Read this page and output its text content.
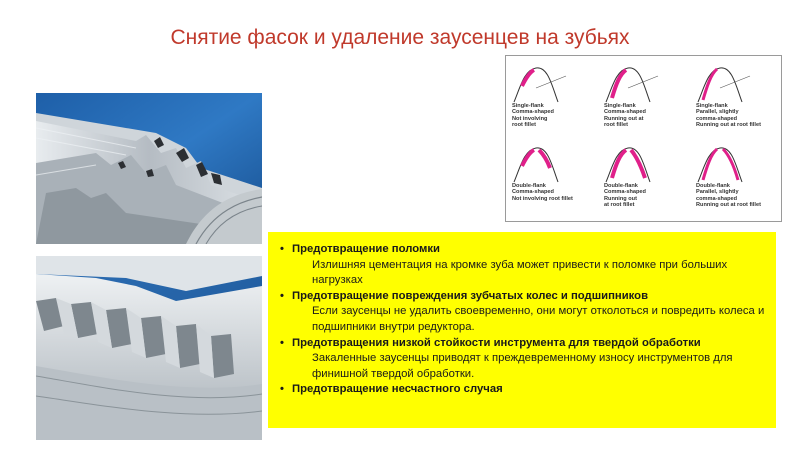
Снятие фасок и удаление заусенцев на зубьях
Single-flank
Comma-shaped
Not involving
root fillet
Single-flank
Comma-shaped
Running out at
root fillet
Single-flank
Parallel, slightly
comma-shaped
Running out at root fillet
Double-flank
Comma-shaped
Not involving root fillet
Double-flank
Comma-shaped
Running out
at root fillet
Double-flank
Parallel, slightly
comma-shaped
Running out at root fillet
• Предотвращение поломки
Излишняя цементация на кромке зуба может привести к поломке при больших нагрузках
• Предотвращение повреждения зубчатых колес и подшипников
Если заусенцы не удалить своевременно, они могут отколоться и повредить колеса и подшипники внутри редуктора.
• Предотвращения низкой стойкости инструмента для твердой обработки
Закаленные заусенцы приводят к преждевременному износу инструментов для финишной твердой обработки.
• Предотвращение несчастного случая
